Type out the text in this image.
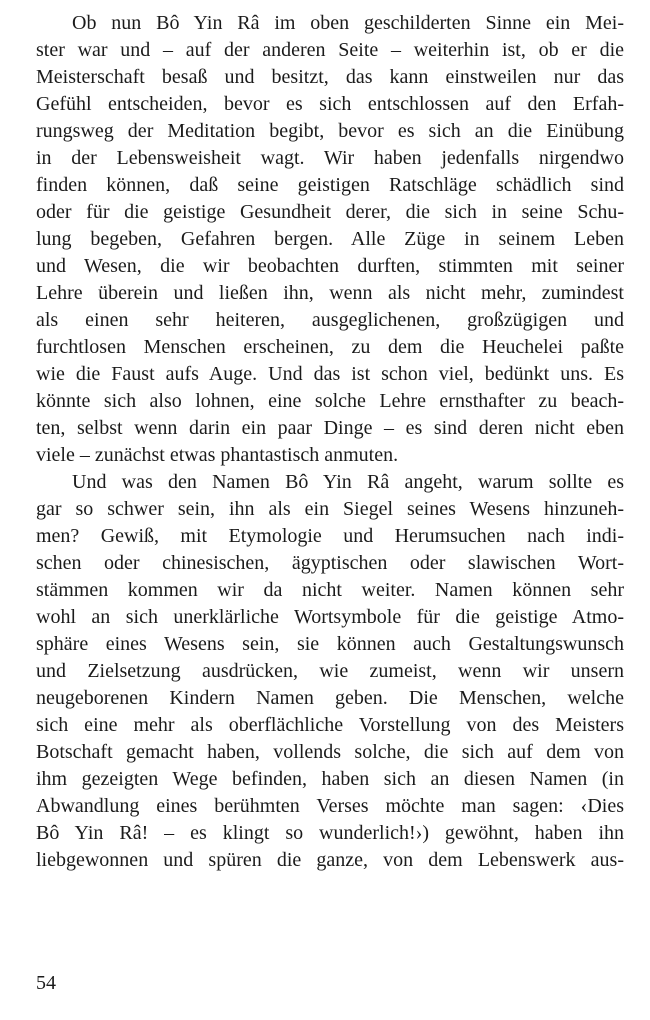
Ob nun Bô Yin Râ im oben geschilderten Sinne ein Mei-
ster war und – auf der anderen Seite – weiterhin ist, ob er die
Meisterschaft besaß und besitzt, das kann einstweilen nur das
Gefühl entscheiden, bevor es sich entschlossen auf den Erfah-
rungsweg der Meditation begibt, bevor es sich an die Einübung
in der Lebensweisheit wagt. Wir haben jedenfalls nirgendwo
finden können, daß seine geistigen Ratschläge schädlich sind
oder für die geistige Gesundheit derer, die sich in seine Schu-
lung begeben, Gefahren bergen. Alle Züge in seinem Leben
und Wesen, die wir beobachten durften, stimmten mit seiner
Lehre überein und ließen ihn, wenn als nicht mehr, zumindest
als einen sehr heiteren, ausgeglichenen, großzügigen und
furchtlosen Menschen erscheinen, zu dem die Heuchelei paßte
wie die Faust aufs Auge. Und das ist schon viel, bedünkt uns. Es
könnte sich also lohnen, eine solche Lehre ernsthafter zu beach-
ten, selbst wenn darin ein paar Dinge – es sind deren nicht eben
viele – zunächst etwas phantastisch anmuten.
Und was den Namen Bô Yin Râ angeht, warum sollte es
gar so schwer sein, ihn als ein Siegel seines Wesens hinzuneh-
men? Gewiß, mit Etymologie und Herumsuchen nach indi-
schen oder chinesischen, ägyptischen oder slawischen Wort-
stämmen kommen wir da nicht weiter. Namen können sehr
wohl an sich unerklärliche Wortsymbole für die geistige Atmo-
sphäre eines Wesens sein, sie können auch Gestaltungswunsch
und Zielsetzung ausdrücken, wie zumeist, wenn wir unsern
neugeborenen Kindern Namen geben. Die Menschen, welche
sich eine mehr als oberflächliche Vorstellung von des Meisters
Botschaft gemacht haben, vollends solche, die sich auf dem von
ihm gezeigten Wege befinden, haben sich an diesen Namen (in
Abwandlung eines berühmten Verses möchte man sagen: ‹Dies
Bô Yin Râ! – es klingt so wunderlich!›) gewöhnt, haben ihn
liebgewonnen und spüren die ganze, von dem Lebenswerk aus-
54
